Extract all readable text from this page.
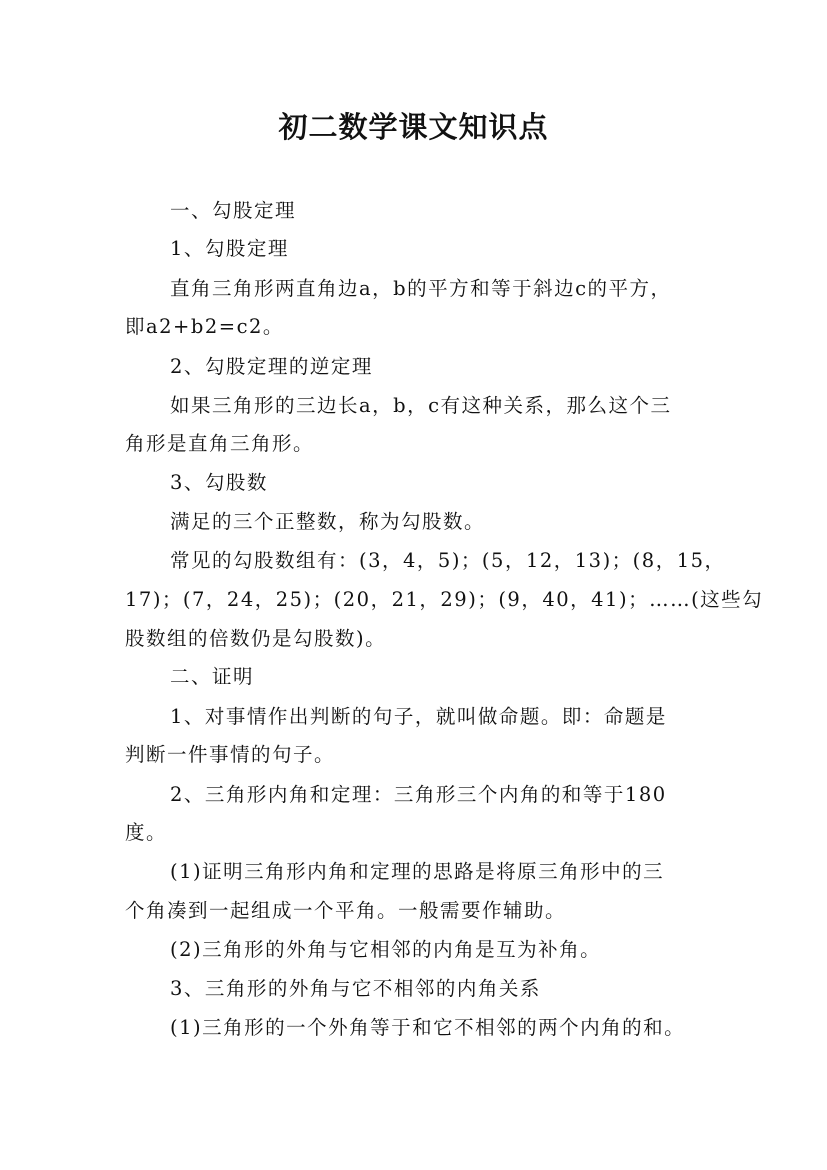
初二数学课文知识点
一、勾股定理
1、勾股定理
直角三角形两直角边a，b的平方和等于斜边c的平方，
即a2+b2=c2。
2、勾股定理的逆定理
如果三角形的三边长a，b，c有这种关系，那么这个三
角形是直角三角形。
3、勾股数
满足的三个正整数，称为勾股数。
常见的勾股数组有：(3，4，5)；(5，12，13)；(8，15，
17)；(7，24，25)；(20，21，29)；(9，40，41)；……(这些勾
股数组的倍数仍是勾股数)。
二、证明
1、对事情作出判断的句子，就叫做命题。即：命题是
判断一件事情的句子。
2、三角形内角和定理：三角形三个内角的和等于180
度。
(1)证明三角形内角和定理的思路是将原三角形中的三
个角凑到一起组成一个平角。一般需要作辅助。
(2)三角形的外角与它相邻的内角是互为补角。
3、三角形的外角与它不相邻的内角关系
(1)三角形的一个外角等于和它不相邻的两个内角的和。
